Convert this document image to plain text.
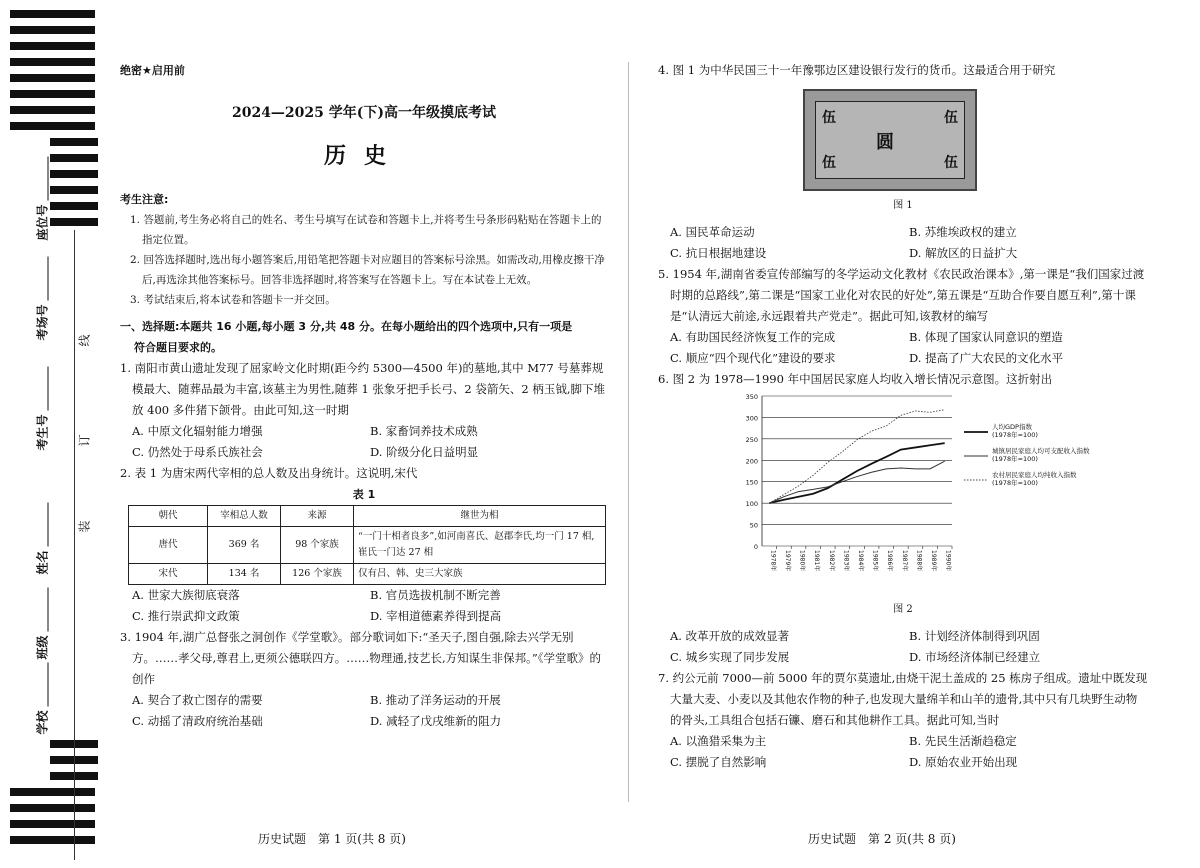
座位号
考场号
考生号
姓名
班级
学校
线
订
装
绝密★启用前
2024—2025 学年(下)高一年级摸底考试
历史
考生注意:

1. 答题前,考生务必将自己的姓名、考生号填写在试卷和答题卡上,并将考生号条形码粘贴在答题卡上的指定位置。

2. 回答选择题时,选出每小题答案后,用铅笔把答题卡对应题目的答案标号涂黑。如需改动,用橡皮擦干净后,再选涂其他答案标号。回答非选择题时,将答案写在答题卡上。写在本试卷上无效。

3. 考试结束后,将本试卷和答题卡一并交回。

一、选择题:本题共 16 小题,每小题 3 分,共 48 分。在每小题给出的四个选项中,只有一项是
符合题目要求的。
1. 南阳市黄山遗址发现了屈家岭文化时期(距今约 5300—4500 年)的墓地,其中 M77 号墓葬规模最大、随葬品最为丰富,该墓主为男性,随葬 1 张象牙把手长弓、2 袋箭矢、2 柄玉钺,脚下堆放 400 多件猪下颌骨。由此可知,这一时期
A. 中原文化辐射能力增强	B. 家畜饲养技术成熟
C. 仍然处于母系氏族社会	D. 阶级分化日益明显
2. 表 1 为唐宋两代宰相的总人数及出身统计。这说明,宋代
表 1
朝代	宰相总人数	来源	继世为相
唐代	369 名	98 个家族	“一门十相者良多”,如河南喜氏、赵郡李氏,均一门 17 相,崔氏一门达 27 相
宋代	134 名	126 个家族	仅有吕、韩、史三大家族
A. 世家大族彻底衰落	B. 官员选拔机制不断完善
C. 推行崇武抑文政策	D. 宰相道德素养得到提高
3. 1904 年,湖广总督张之洞创作《学堂歌》。部分歌词如下:“圣天子,图自强,除去兴学无别方。……孝父母,尊君上,更须公德联四方。……物理通,技艺长,方知谋生非保邦。”《学堂歌》的创作
A. 契合了救亡图存的需要	B. 推动了洋务运动的开展
C. 动摇了清政府统治基础	D. 减轻了戊戌维新的阻力
4. 图 1 为中华民国三十一年豫鄂边区建设银行发行的货币。这最适合用于研究
伍	伍
圆
伍	伍
图 1
A. 国民革命运动	B. 苏维埃政权的建立
C. 抗日根据地建设	D. 解放区的日益扩大
5. 1954 年,湖南省委宣传部编写的冬学运动文化教材《农民政治课本》,第一课是“我们国家过渡时期的总路线”,第二课是“国家工业化对农民的好处”,第五课是“互助合作要自愿互利”,第十课是“认清远大前途,永远跟着共产党走”。据此可知,该教材的编写
A. 有助国民经济恢复工作的完成	B. 体现了国家认同意识的塑造
C. 顺应“四个现代化”建设的要求	D. 提高了广大农民的文化水平
6. 图 2 为 1978—1990 年中国居民家庭人均收入增长情况示意图。这折射出
0
50
100
150
200
250
300
350
1978年 1979年 1980年 1981年 1982年 1983年 1984年 1985年 1986年 1987年 1988年 1989年 1990年
人均GDP指数
(1978年=100)
城镇居民家庭人均可支配收入指数
(1978年=100)
农村居民家庭人均纯收入指数
(1978年=100)
图 2
A. 改革开放的成效显著	B. 计划经济体制得到巩固
C. 城乡实现了同步发展	D. 市场经济体制已经建立
7. 约公元前 7000—前 5000 年的贾尔莫遗址,由烧干泥土盖成的 25 栋房子组成。遗址中既发现大量大麦、小麦以及其他农作物的种子,也发现大量绵羊和山羊的遗骨,其中只有几块野生动物的骨头,工具组合包括石镰、磨石和其他耕作工具。据此可知,当时
A. 以渔猎采集为主	B. 先民生活渐趋稳定
C. 摆脱了自然影响	D. 原始农业开始出现
历史试题　第 1 页(共 8 页)	历史试题　第 2 页(共 8 页)
